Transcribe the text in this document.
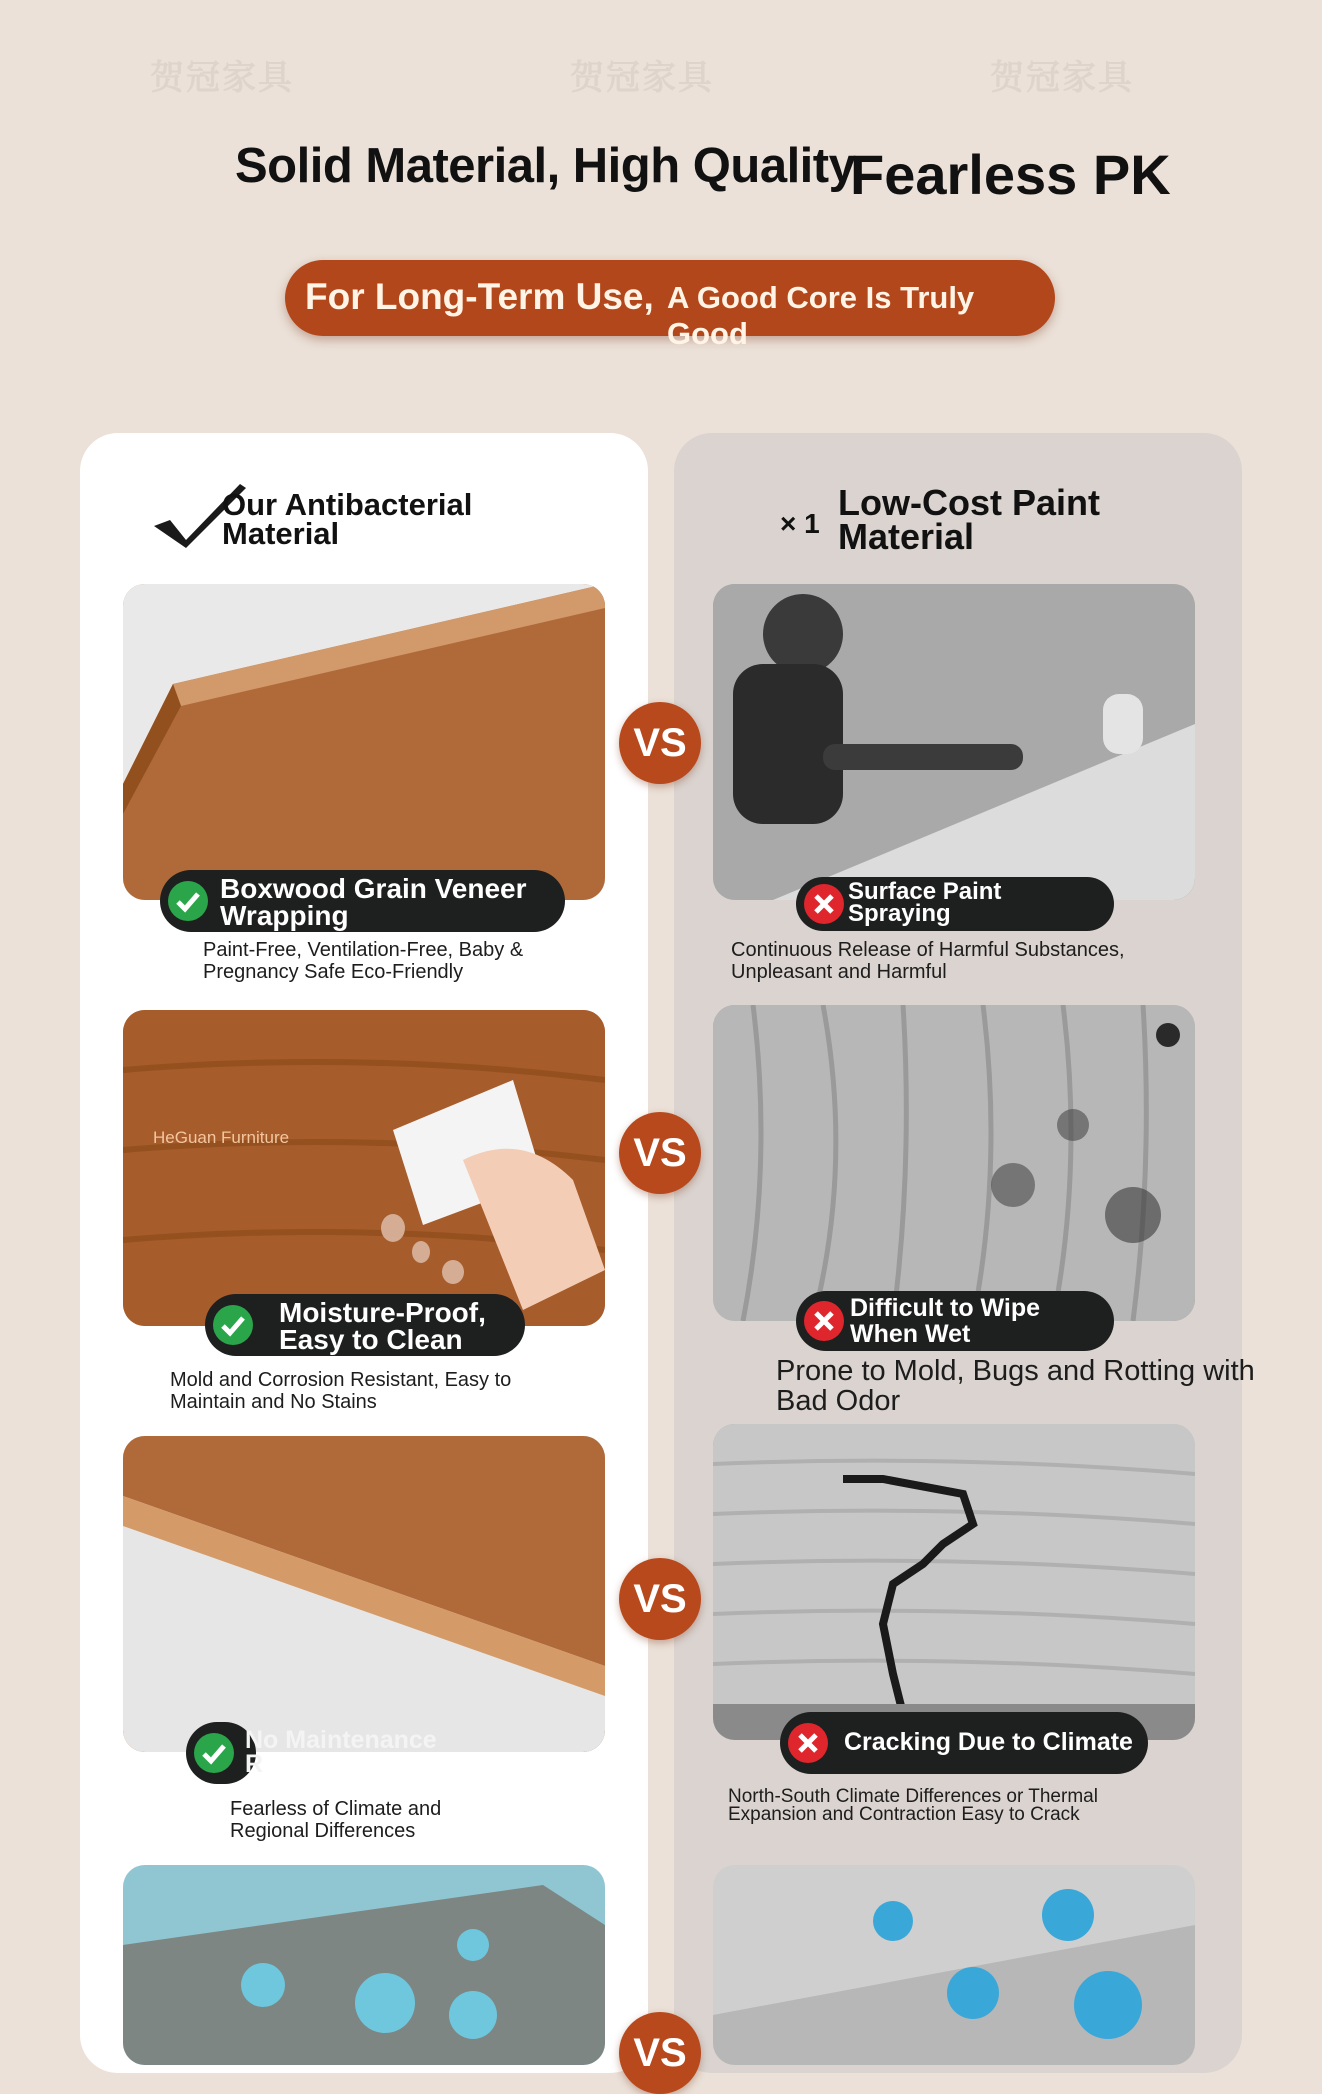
贺冠家具	贺冠家具	贺冠家具
Solid Material, High Quality
Fearless PK
For Long-Term Use, A Good Core Is Truly Good
Our Antibacterial Material	× 1
Low-Cost Paint Material
Boxwood Grain Veneer
Wrapping
Paint-Free, Ventilation-Free, Baby &
Pregnancy Safe Eco-Friendly
Surface Paint
Spraying
Continuous Release of Harmful Substances,
Unpleasant and Harmful
VS
HeGuan Furniture
Moisture-Proof,
Easy to Clean
Mold and Corrosion Resistant, Easy to
Maintain and No Stains
Difficult to Wipe
When Wet
Prone to Mold, Bugs and Rotting with
Bad Odor
VS
No Maintenance
R
Fearless of Climate and
Regional Differences
Cracking Due to Climate
North-South Climate Differences or Thermal
Expansion and Contraction Easy to Crack
VS
VS
